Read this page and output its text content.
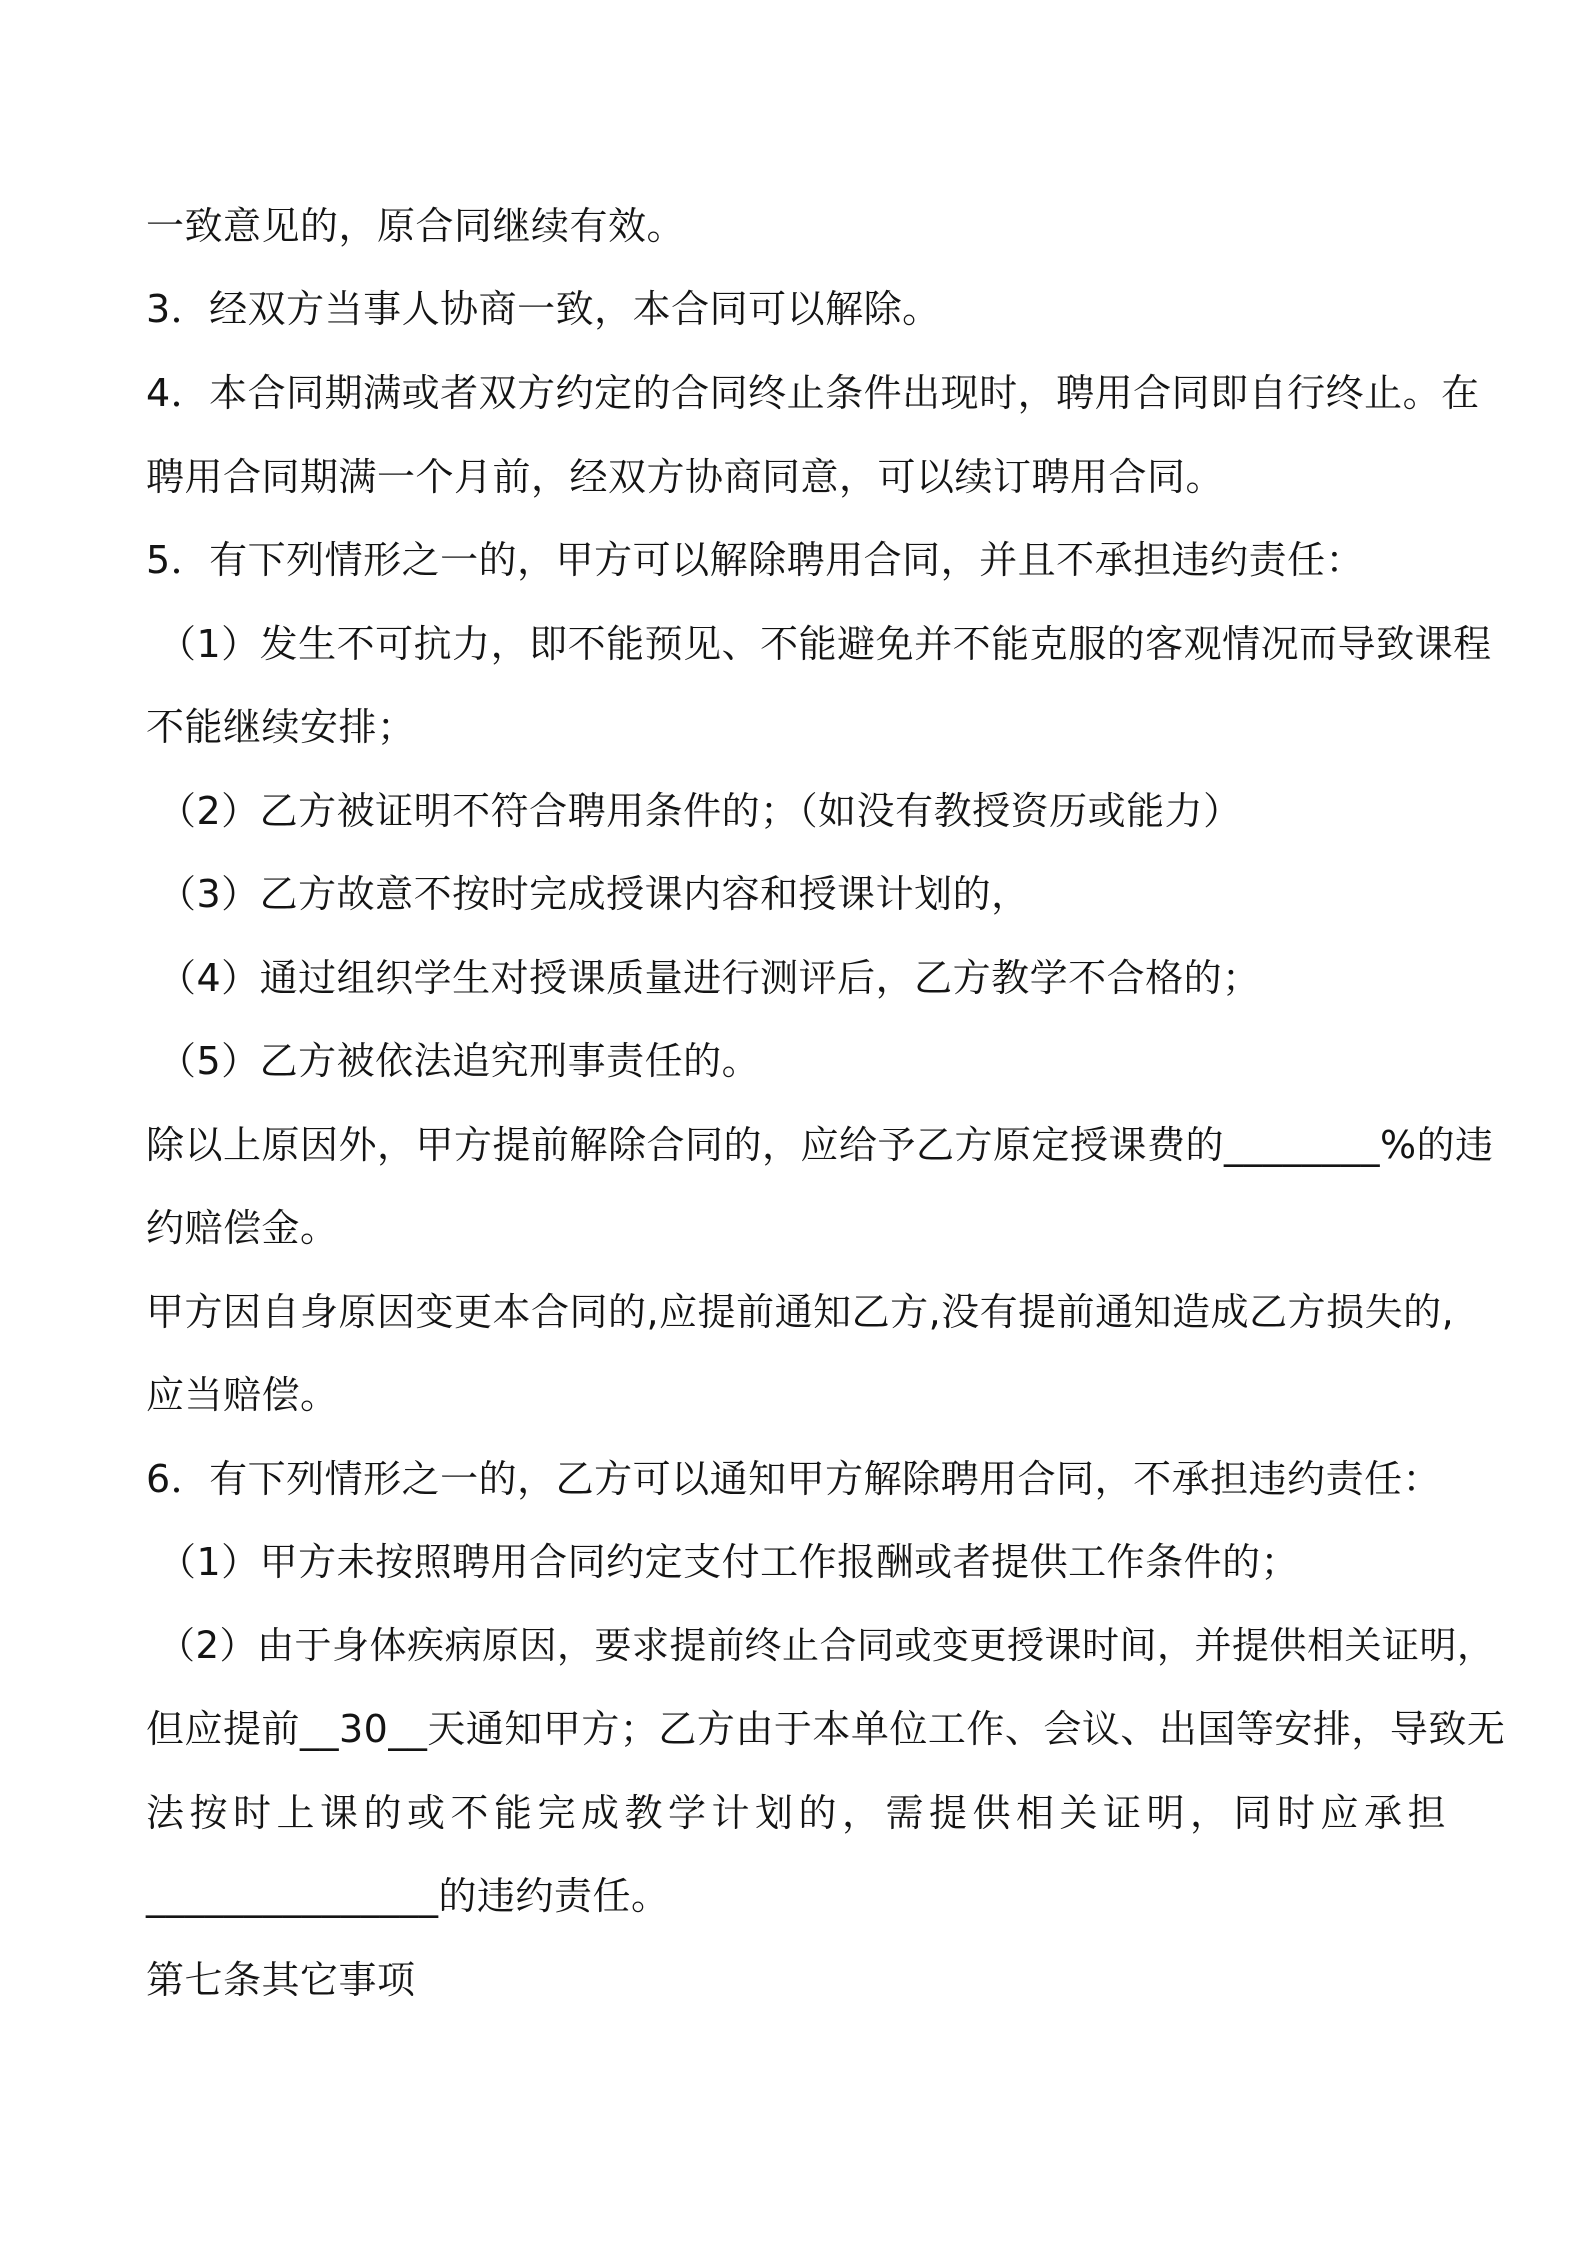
一致意见的，原合同继续有效。
3．经双方当事人协商一致，本合同可以解除。
4．本合同期满或者双方约定的合同终止条件出现时，聘用合同即自行终止。在
聘用合同期满一个月前，经双方协商同意，可以续订聘用合同。
5．有下列情形之一的，甲方可以解除聘用合同，并且不承担违约责任：
（1）发生不可抗力，即不能预见、不能避免并不能克服的客观情况而导致课程
不能继续安排；
（2）乙方被证明不符合聘用条件的；（如没有教授资历或能力）
（3）乙方故意不按时完成授课内容和授课计划的，
（4）通过组织学生对授课质量进行测评后，乙方教学不合格的；
（5）乙方被依法追究刑事责任的。
除以上原因外，甲方提前解除合同的，应给予乙方原定授课费的________%的违
约赔偿金。
甲方因自身原因变更本合同的,应提前通知乙方,没有提前通知造成乙方损失的,
应当赔偿。
6．有下列情形之一的，乙方可以通知甲方解除聘用合同，不承担违约责任：
（1）甲方未按照聘用合同约定支付工作报酬或者提供工作条件的；
（2）由于身体疾病原因，要求提前终止合同或变更授课时间，并提供相关证明，
但应提前__30__天通知甲方；乙方由于本单位工作、会议、出国等安排，导致无
法按时上课的或不能完成教学计划的，需提供相关证明，同时应承担
_______________的违约责任。
第七条其它事项
